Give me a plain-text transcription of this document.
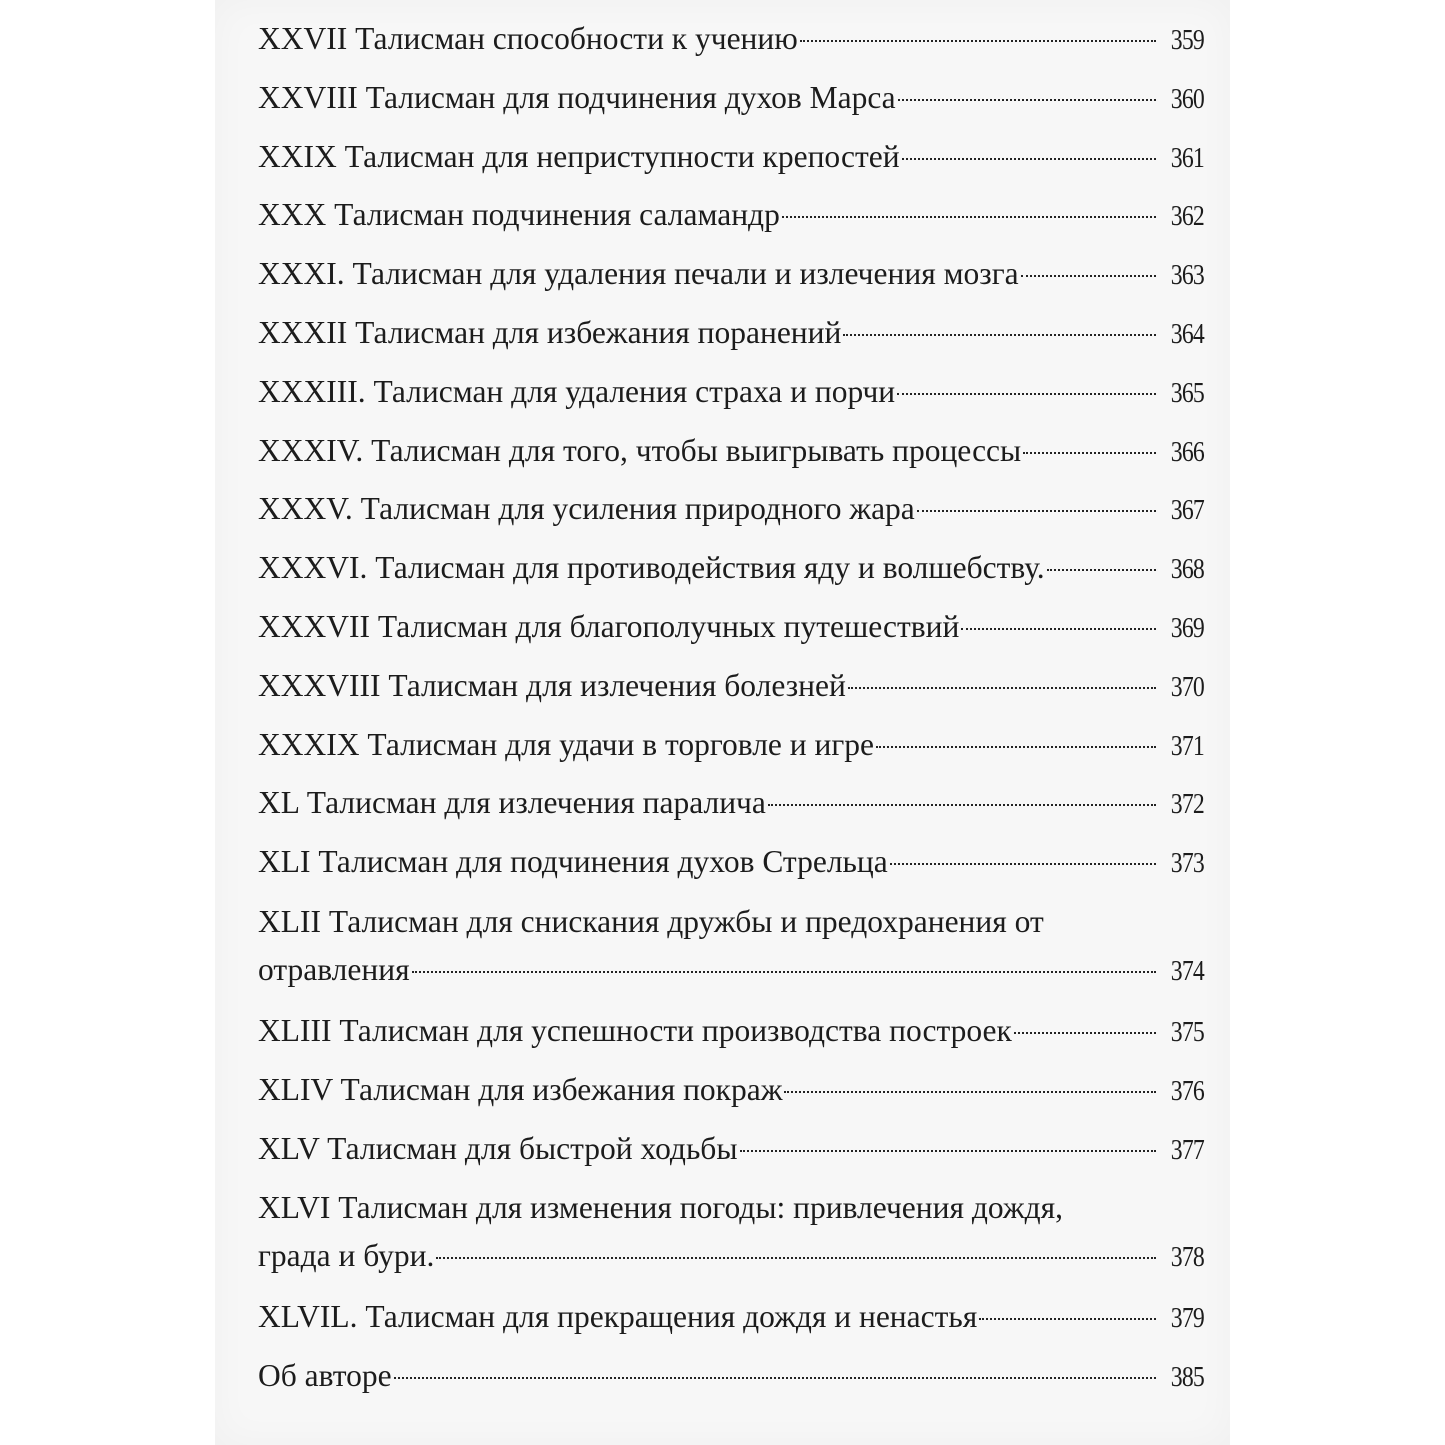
XXVII Талисман способности к учению	359
XXVIII Талисман для подчинения духов Марса	360
XXIX Талисман для неприступности крепостей	361
XXX Талисман подчинения саламандр	362
XXXI. Талисман для удаления печали и излечения мозга	363
XXXII Талисман для избежания поранений	364
XXXIII. Талисман для удаления страха и порчи	365
XXXIV. Талисман для того, чтобы выигрывать процессы	366
XXXV. Талисман для усиления природного жара	367
XXXVI. Талисман для противодействия яду и волшебству.	368
XXXVII Талисман для благополучных путешествий	369
XXXVIII Талисман для излечения болезней	370
XXXIX Талисман для удачи в торговле и игре	371
XL Талисман для излечения паралича	372
XLI Талисман для подчинения духов Стрельца	373
XLII Талисман для снискания дружбы и предохранения от
отравления	374
XLIII Талисман для успешности производства построек	375
XLIV Талисман для избежания покраж	376
XLV Талисман для быстрой ходьбы	377
XLVI Талисман для изменения погоды: привлечения дождя,
града и бури.	378
XLVIL. Талисман для прекращения дождя и ненастья	379
Об авторе	385
